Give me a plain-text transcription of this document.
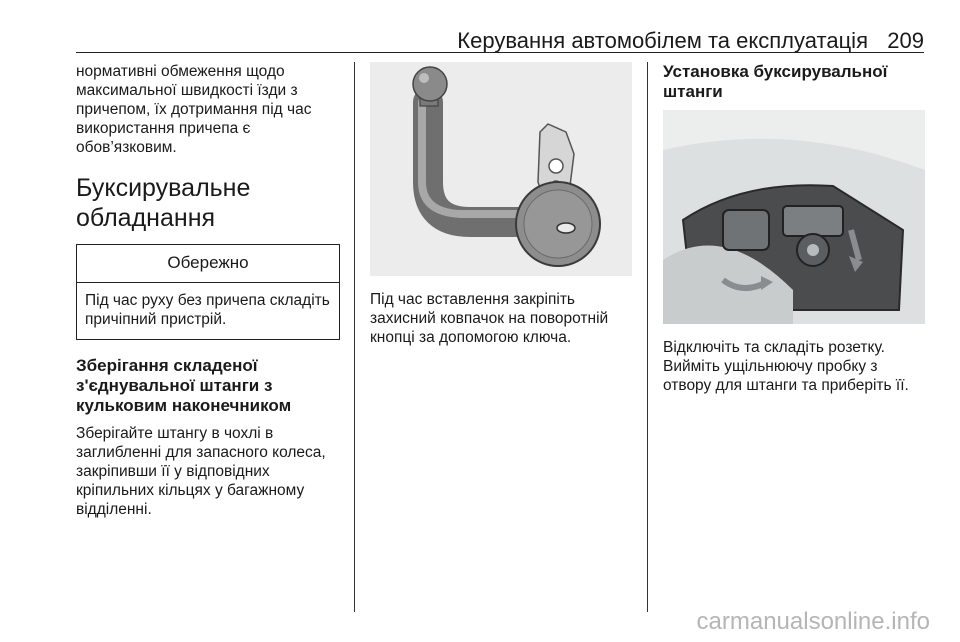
Керування автомобілем та експлуатація 209

нормативні обмеження щодо максимальної швидкості їзди з причепом, їх дотримання під час використання причепа є обов’язковим.

Буксирувальне обладнання
Обережно
Під час руху без причепа складіть причіпний пристрій.
Зберігання складеної з'єднувальної штанги з кульковим наконечником

Зберігайте штангу в чохлі в заглибленні для запасного колеса, закріпивши її у відповідних кріпильних кільцях у багажному відділенні.

Під час вставлення закріпіть захисний ковпачок на поворотній кнопці за допомогою ключа.

Установка буксирувальної штанги

Відключіть та складіть розетку. Вийміть ущільнюючу пробку з отвору для штанги та приберіть її.

carmanualsonline.info
